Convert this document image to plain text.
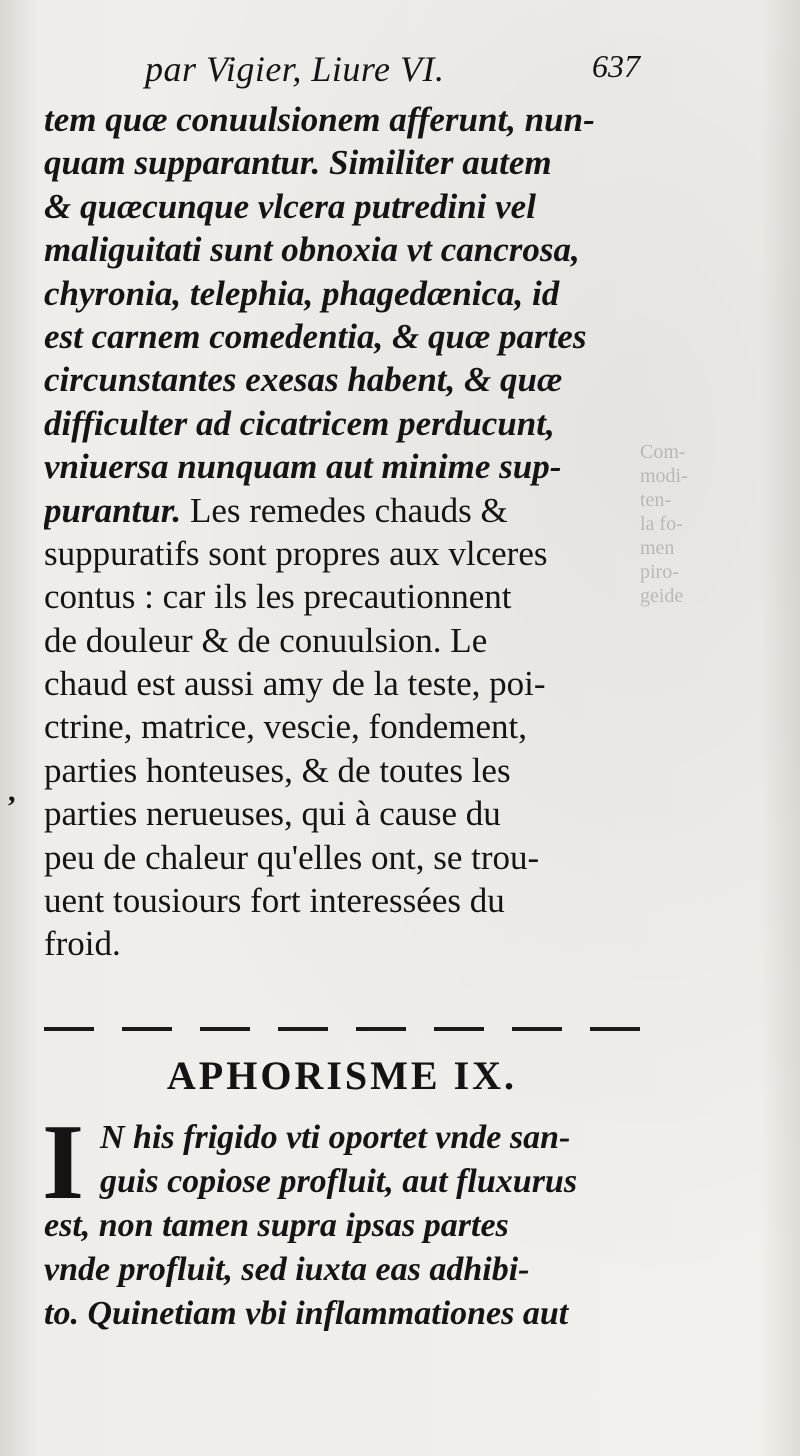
Com-
modi-
ten-
la fo-
men
piro-
geide
par Vigier, Liure VI.	637
,
tem quæ conuulsionem afferunt, nun-
quam supparantur. Similiter autem
& quæcunque vlcera putredini vel
maliguitati sunt obnoxia vt cancrosa,
chyronia, telephia, phagedænica, id
est carnem comedentia, & quæ partes
circunstantes exesas habent, & quæ
difficulter ad cicatricem perducunt,
vniuersa nunquam aut minime sup-
purantur. Les remedes chauds &
suppuratifs sont propres aux vlceres
contus : car ils les precautionnent
de douleur & de conuulsion. Le
chaud est aussi amy de la teste, poi-
ctrine, matrice, vescie, fondement,
parties honteuses, & de toutes les
parties nerueuses, qui à cause du
peu de chaleur qu'elles ont, se trou-
uent tousiours fort interessées du
froid.
APHORISME IX.
I N his frigido vti oportet vnde san-
guis copiose profluit, aut fluxurus
est, non tamen supra ipsas partes
vnde profluit, sed iuxta eas adhibi-
to. Quinetiam vbi inflammationes aut
